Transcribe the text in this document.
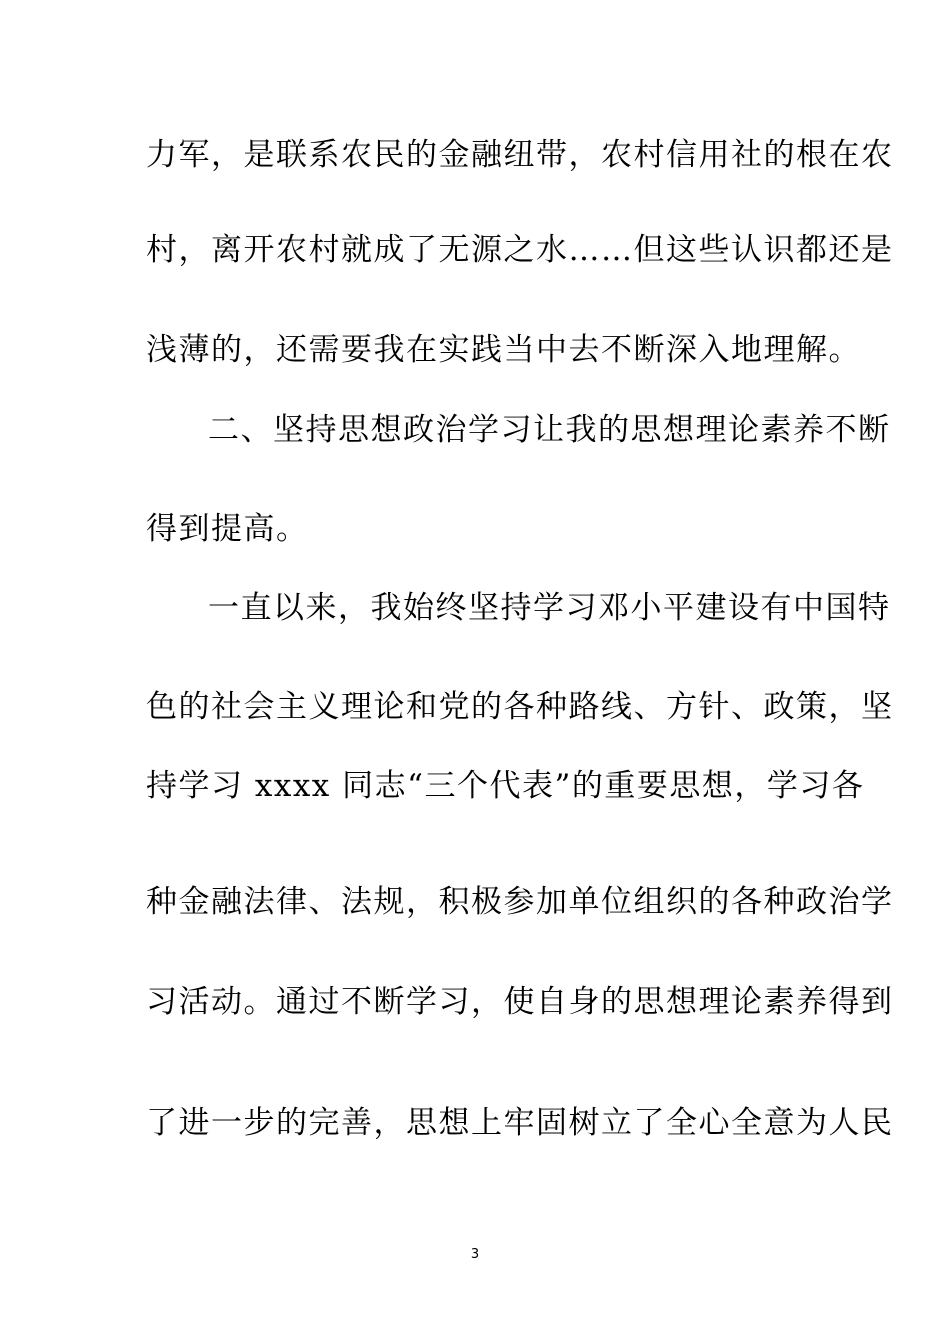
力军，是联系农民的金融纽带，农村信用社的根在农
村，离开农村就成了无源之水……但这些认识都还是
浅薄的，还需要我在实践当中去不断深入地理解。
二、坚持思想政治学习让我的思想理论素养不断
得到提高。
一直以来，我始终坚持学习邓小平建设有中国特
色的社会主义理论和党的各种路线、方针、政策，坚
持学习 xxxx 同志“三个代表”的重要思想，学习各
种金融法律、法规，积极参加单位组织的各种政治学
习活动。通过不断学习，使自身的思想理论素养得到
了进一步的完善，思想上牢固树立了全心全意为人民
3
